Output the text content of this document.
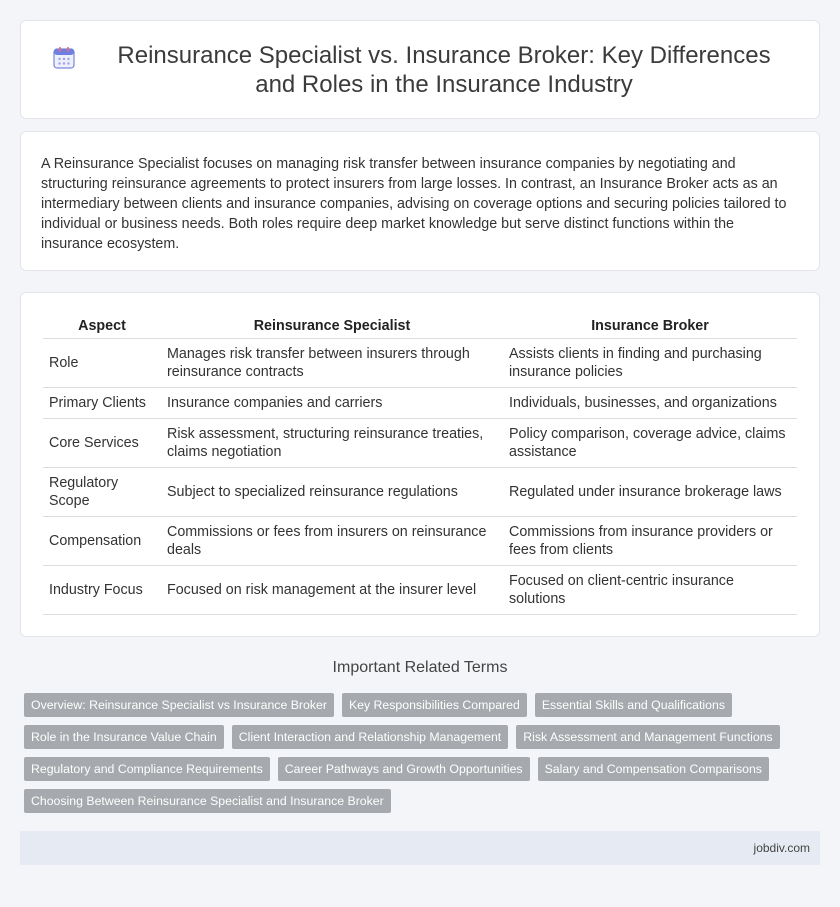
Reinsurance Specialist vs. Insurance Broker: Key Differences and Roles in the Insurance Industry
A Reinsurance Specialist focuses on managing risk transfer between insurance companies by negotiating and structuring reinsurance agreements to protect insurers from large losses. In contrast, an Insurance Broker acts as an intermediary between clients and insurance companies, advising on coverage options and securing policies tailored to individual or business needs. Both roles require deep market knowledge but serve distinct functions within the insurance ecosystem.
Aspect	Reinsurance Specialist	Insurance Broker
Role	Manages risk transfer between insurers through reinsurance contracts	Assists clients in finding and purchasing insurance policies
Primary Clients	Insurance companies and carriers	Individuals, businesses, and organizations
Core Services	Risk assessment, structuring reinsurance treaties, claims negotiation	Policy comparison, coverage advice, claims assistance
Regulatory Scope	Subject to specialized reinsurance regulations	Regulated under insurance brokerage laws
Compensation	Commissions or fees from insurers on reinsurance deals	Commissions from insurance providers or fees from clients
Industry Focus	Focused on risk management at the insurer level	Focused on client-centric insurance solutions
Important Related Terms
Overview: Reinsurance Specialist vs Insurance Broker	Key Responsibilities Compared	Essential Skills and Qualifications
Role in the Insurance Value Chain	Client Interaction and Relationship Management	Risk Assessment and Management Functions
Regulatory and Compliance Requirements	Career Pathways and Growth Opportunities	Salary and Compensation Comparisons
Choosing Between Reinsurance Specialist and Insurance Broker
jobdiv.com
